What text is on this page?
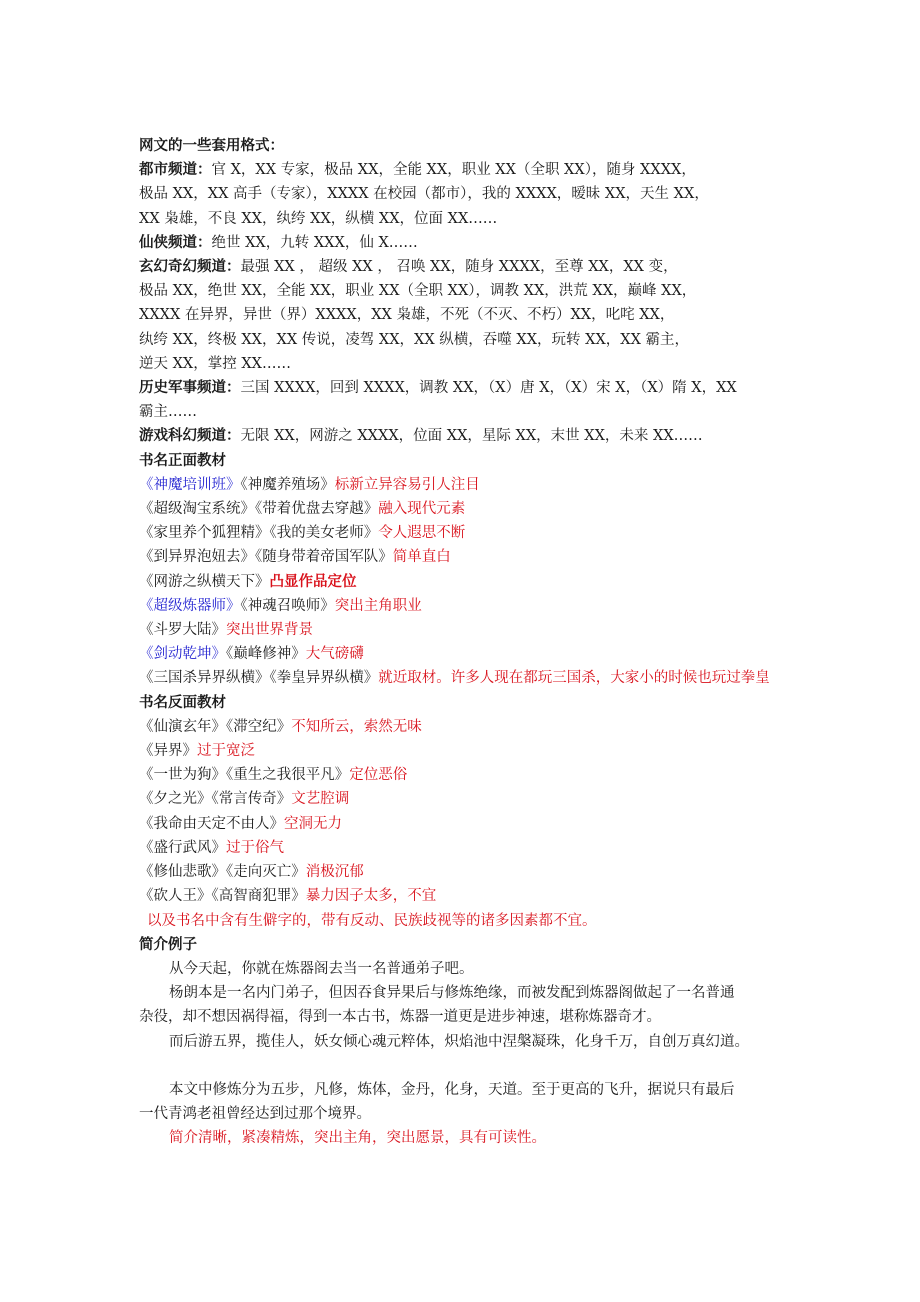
网文的一些套用格式：
都市频道：官 X，XX 专家，极品 XX，全能 XX，职业 XX（全职 XX），随身 XXXX，
极品 XX，XX 高手（专家），XXXX 在校园（都市），我的 XXXX，暧昧 XX，天生 XX，
XX 枭雄，不良 XX，纨绔 XX，纵横 XX，位面 XX……
仙侠频道：绝世 XX，九转 XXX，仙 X……
玄幻奇幻频道：最强 XX ， 超级 XX ， 召唤 XX，随身 XXXX，至尊 XX，XX 变，
极品 XX，绝世 XX，全能 XX，职业 XX（全职 XX），调教 XX，洪荒 XX，巅峰 XX，
XXXX 在异界，异世（界）XXXX，XX 枭雄，不死（不灭、不朽）XX，叱咤 XX，
纨绔 XX，终极 XX，XX 传说，凌驾 XX，XX 纵横，吞噬 XX，玩转 XX，XX 霸主，
逆天 XX，掌控 XX……
历史军事频道：三国 XXXX，回到 XXXX，调教 XX，（X）唐 X，（X）宋 X，（X）隋 X，XX
霸主……
游戏科幻频道：无限 XX，网游之 XXXX，位面 XX，星际 XX，末世 XX，未来 XX……
书名正面教材
《神魔培训班》《神魔养殖场》标新立异容易引人注目
《超级淘宝系统》《带着优盘去穿越》融入现代元素
《家里养个狐狸精》《我的美女老师》令人遐思不断
《到异界泡妞去》《随身带着帝国军队》简单直白
《网游之纵横天下》凸显作品定位
《超级炼器师》《神魂召唤师》突出主角职业
《斗罗大陆》突出世界背景
《剑动乾坤》《巅峰修神》大气磅礴
《三国杀异界纵横》《拳皇异界纵横》就近取材。许多人现在都玩三国杀，大家小的时候也玩过拳皇
书名反面教材
《仙演玄年》《滞空纪》不知所云，索然无味
《异界》过于宽泛
《一世为狗》《重生之我很平凡》定位恶俗
《夕之光》《常言传奇》文艺腔调
《我命由天定不由人》空洞无力
《盛行武风》过于俗气
《修仙悲歌》《走向灭亡》消极沉郁
《砍人王》《高智商犯罪》暴力因子太多，不宜
以及书名中含有生僻字的，带有反动、民族歧视等的诸多因素都不宜。
简介例子
从今天起，你就在炼器阁去当一名普通弟子吧。
杨朗本是一名内门弟子，但因吞食异果后与修炼绝缘，而被发配到炼器阁做起了一名普通
杂役，却不想因祸得福，得到一本古书，炼器一道更是进步神速，堪称炼器奇才。
而后游五界，揽佳人，妖女倾心魂元粹体，炽焰池中涅槃凝珠，化身千万，自创万真幻道。
本文中修炼分为五步，凡修，炼体，金丹，化身，天道。至于更高的飞升，据说只有最后
一代青鸿老祖曾经达到过那个境界。
简介清晰，紧凑精炼，突出主角，突出愿景，具有可读性。
